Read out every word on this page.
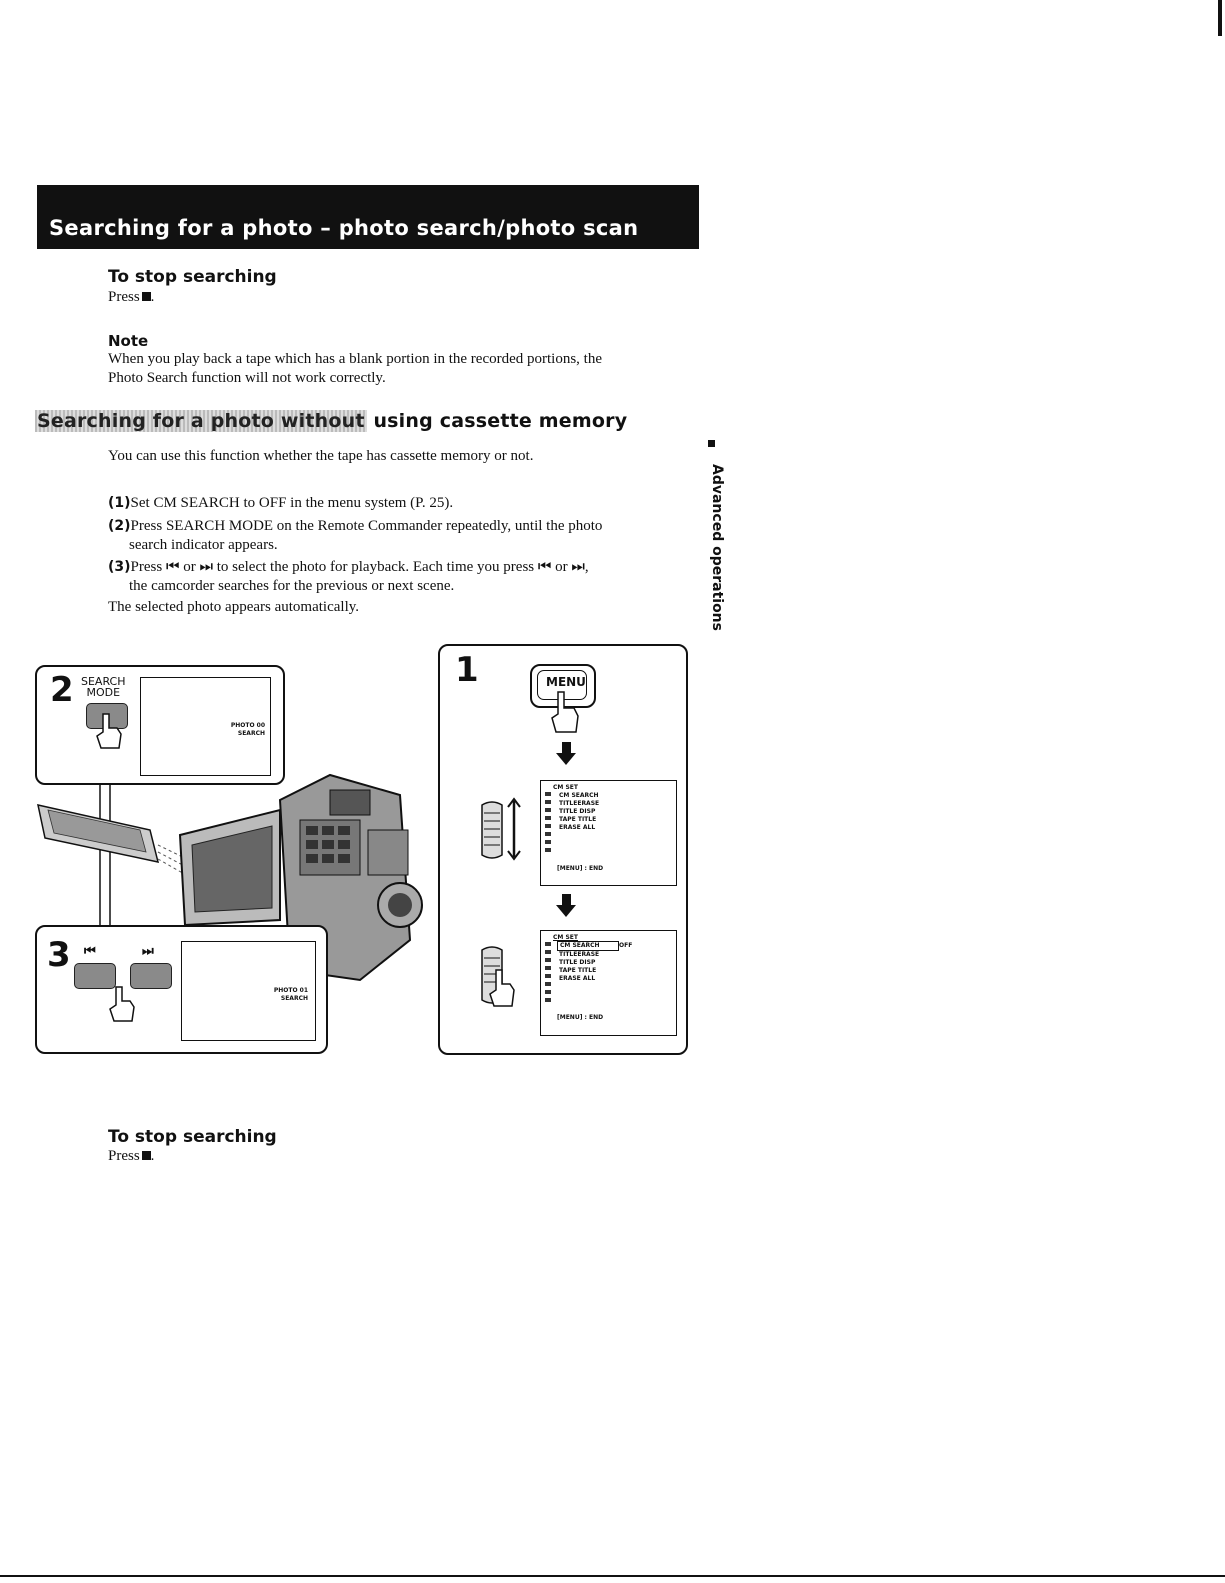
Searching for a photo – photo search/photo scan
To stop searching
Press .
Note
When you play back a tape which has a blank portion in the recorded portions, the
Photo Search function will not work correctly.
Searching for a photo without using cassette memory
You can use this function whether the tape has cassette memory or not.
(1)Set CM SEARCH to OFF in the menu system (P. 25).
(2)Press SEARCH MODE on the Remote Commander repeatedly, until the photo
search indicator appears.
(3)Press ⏮ or ⏭ to select the photo for playback. Each time you press ⏮ or ⏭,
the camcorder searches for the previous or next scene.
The selected photo appears automatically.	Advanced operations
2 SEARCH
MODE
PHOTO 00
SEARCH
3 ⏮	⏭
PHOTO 01
SEARCH
1	MENU
CM SET
CM SEARCH
TITLEERASE
TITLE DISP
TAPE TITLE
ERASE ALL
[MENU] : END
CM SET
CM SEARCH	OFF
TITLEERASE
TITLE DISP
TAPE TITLE
ERASE ALL
[MENU] : END
To stop searching
Press .
